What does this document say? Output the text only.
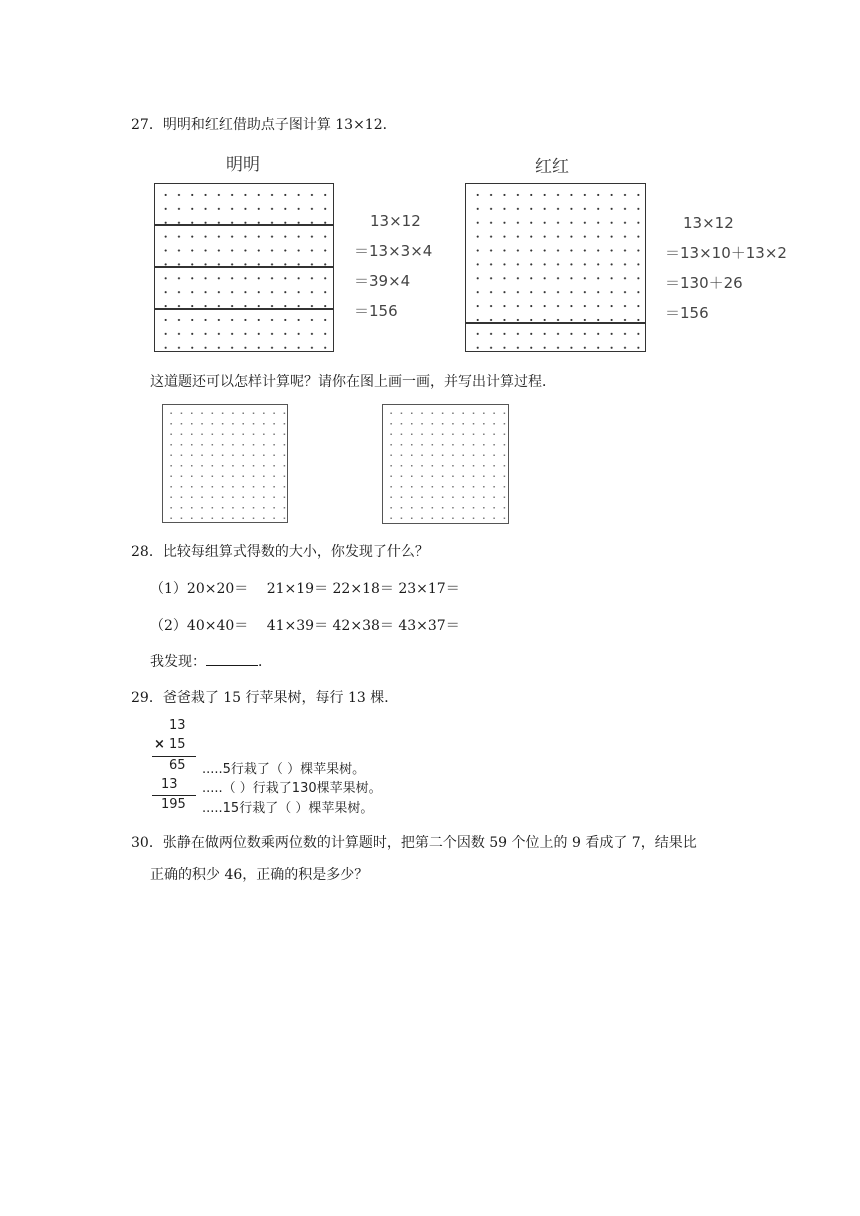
27．明明和红红借助点子图计算 13×12．
明明	红红
13×12
＝13×3×4
＝39×4
＝156
13×12
＝13×10＋13×2
＝130＋26
＝156
这道题还可以怎样计算呢？请你在图上画一画，并写出计算过程．
28．比较每组算式得数的大小，你发现了什么？
（1）20×20＝　 21×19＝ 22×18＝ 23×17＝
（2）40×40＝　 41×39＝ 42×38＝ 43×37＝
我发现：	．
29．爸爸栽了 15 行苹果树，每行 13 棵．
13
× 15
65 .....5行栽了（ ）棵苹果树。
13 .....（ ）行栽了130棵苹果树。
195 .....15行栽了（ ）棵苹果树。
30．张静在做两位数乘两位数的计算题时，把第二个因数 59 个位上的 9 看成了 7，结果比
正确的积少 46，正确的积是多少？
